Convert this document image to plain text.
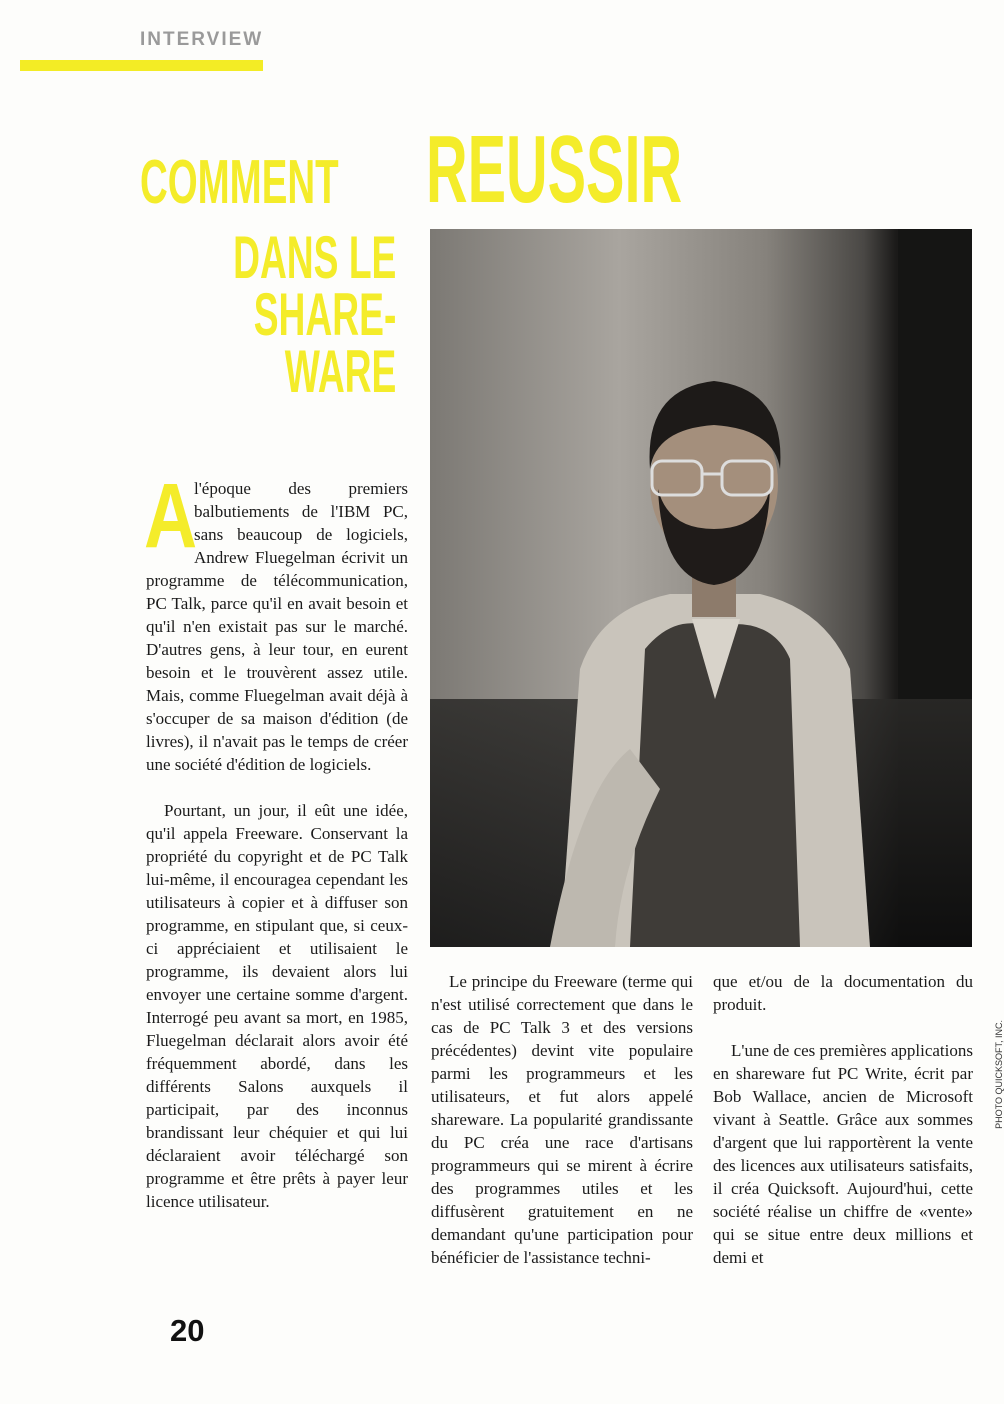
INTERVIEW
COMMENT REUSSIR
DANS LE
SHARE-
WARE
PHOTO QUICKSOFT, INC.
A

l'époque des premiers balbutiements de l'IBM PC, sans beaucoup de logiciels, Andrew Fluegelman écrivit un programme de télécommunication, PC Talk, parce qu'il en avait besoin et qu'il n'en existait pas sur le marché. D'autres gens, à leur tour, en eurent besoin et le trouvèrent assez utile. Mais, comme Fluegelman avait déjà à s'occuper de sa maison d'édition (de livres), il n'avait pas le temps de créer une société d'édition de logiciels.

Pourtant, un jour, il eût une idée, qu'il appela Freeware. Conservant la propriété du copyright et de PC Talk lui-même, il encouragea cependant les utilisateurs à copier et à diffuser son programme, en stipulant que, si ceux-ci appréciaient et utilisaient le programme, ils devaient alors lui envoyer une certaine somme d'argent. Interrogé peu avant sa mort, en 1985, Fluegelman déclarait alors avoir été fréquemment abordé, dans les différents Salons auxquels il participait, par des inconnus brandissant leur chéquier et qui lui déclaraient avoir téléchargé son programme et être prêts à payer leur licence utilisateur.

Le principe du Freeware (terme qui n'est utilisé correctement que dans le cas de PC Talk 3 et des versions précédentes) devint vite populaire parmi les programmeurs et les utilisateurs, et fut alors appelé shareware. La popularité grandissante du PC créa une race d'artisans programmeurs qui se mirent à écrire des programmes utiles et les diffusèrent gratuitement en ne demandant qu'une participation pour bénéficier de l'assistance techni-

que et/ou de la documentation du produit.

L'une de ces premières applications en shareware fut PC Write, écrit par Bob Wallace, ancien de Microsoft vivant à Seattle. Grâce aux sommes d'argent que lui rapportèrent la vente des licences aux utilisateurs satisfaits, il créa Quicksoft. Aujourd'hui, cette société réalise un chiffre de «vente» qui se situe entre deux millions et demi et

20
